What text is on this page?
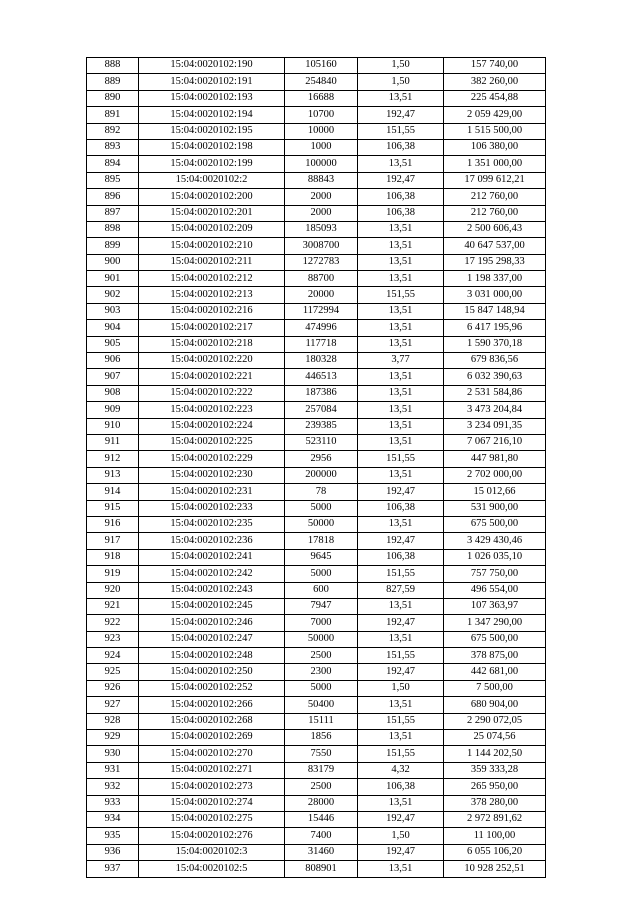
888	15:04:0020102:190	105160	1,50	157 740,00
889	15:04:0020102:191	254840	1,50	382 260,00
890	15:04:0020102:193	16688	13,51	225 454,88
891	15:04:0020102:194	10700	192,47	2 059 429,00
892	15:04:0020102:195	10000	151,55	1 515 500,00
893	15:04:0020102:198	1000	106,38	106 380,00
894	15:04:0020102:199	100000	13,51	1 351 000,00
895	15:04:0020102:2	88843	192,47	17 099 612,21
896	15:04:0020102:200	2000	106,38	212 760,00
897	15:04:0020102:201	2000	106,38	212 760,00
898	15:04:0020102:209	185093	13,51	2 500 606,43
899	15:04:0020102:210	3008700	13,51	40 647 537,00
900	15:04:0020102:211	1272783	13,51	17 195 298,33
901	15:04:0020102:212	88700	13,51	1 198 337,00
902	15:04:0020102:213	20000	151,55	3 031 000,00
903	15:04:0020102:216	1172994	13,51	15 847 148,94
904	15:04:0020102:217	474996	13,51	6 417 195,96
905	15:04:0020102:218	117718	13,51	1 590 370,18
906	15:04:0020102:220	180328	3,77	679 836,56
907	15:04:0020102:221	446513	13,51	6 032 390,63
908	15:04:0020102:222	187386	13,51	2 531 584,86
909	15:04:0020102:223	257084	13,51	3 473 204,84
910	15:04:0020102:224	239385	13,51	3 234 091,35
911	15:04:0020102:225	523110	13,51	7 067 216,10
912	15:04:0020102:229	2956	151,55	447 981,80
913	15:04:0020102:230	200000	13,51	2 702 000,00
914	15:04:0020102:231	78	192,47	15 012,66
915	15:04:0020102:233	5000	106,38	531 900,00
916	15:04:0020102:235	50000	13,51	675 500,00
917	15:04:0020102:236	17818	192,47	3 429 430,46
918	15:04:0020102:241	9645	106,38	1 026 035,10
919	15:04:0020102:242	5000	151,55	757 750,00
920	15:04:0020102:243	600	827,59	496 554,00
921	15:04:0020102:245	7947	13,51	107 363,97
922	15:04:0020102:246	7000	192,47	1 347 290,00
923	15:04:0020102:247	50000	13,51	675 500,00
924	15:04:0020102:248	2500	151,55	378 875,00
925	15:04:0020102:250	2300	192,47	442 681,00
926	15:04:0020102:252	5000	1,50	7 500,00
927	15:04:0020102:266	50400	13,51	680 904,00
928	15:04:0020102:268	15111	151,55	2 290 072,05
929	15:04:0020102:269	1856	13,51	25 074,56
930	15:04:0020102:270	7550	151,55	1 144 202,50
931	15:04:0020102:271	83179	4,32	359 333,28
932	15:04:0020102:273	2500	106,38	265 950,00
933	15:04:0020102:274	28000	13,51	378 280,00
934	15:04:0020102:275	15446	192,47	2 972 891,62
935	15:04:0020102:276	7400	1,50	11 100,00
936	15:04:0020102:3	31460	192,47	6 055 106,20
937	15:04:0020102:5	808901	13,51	10 928 252,51
